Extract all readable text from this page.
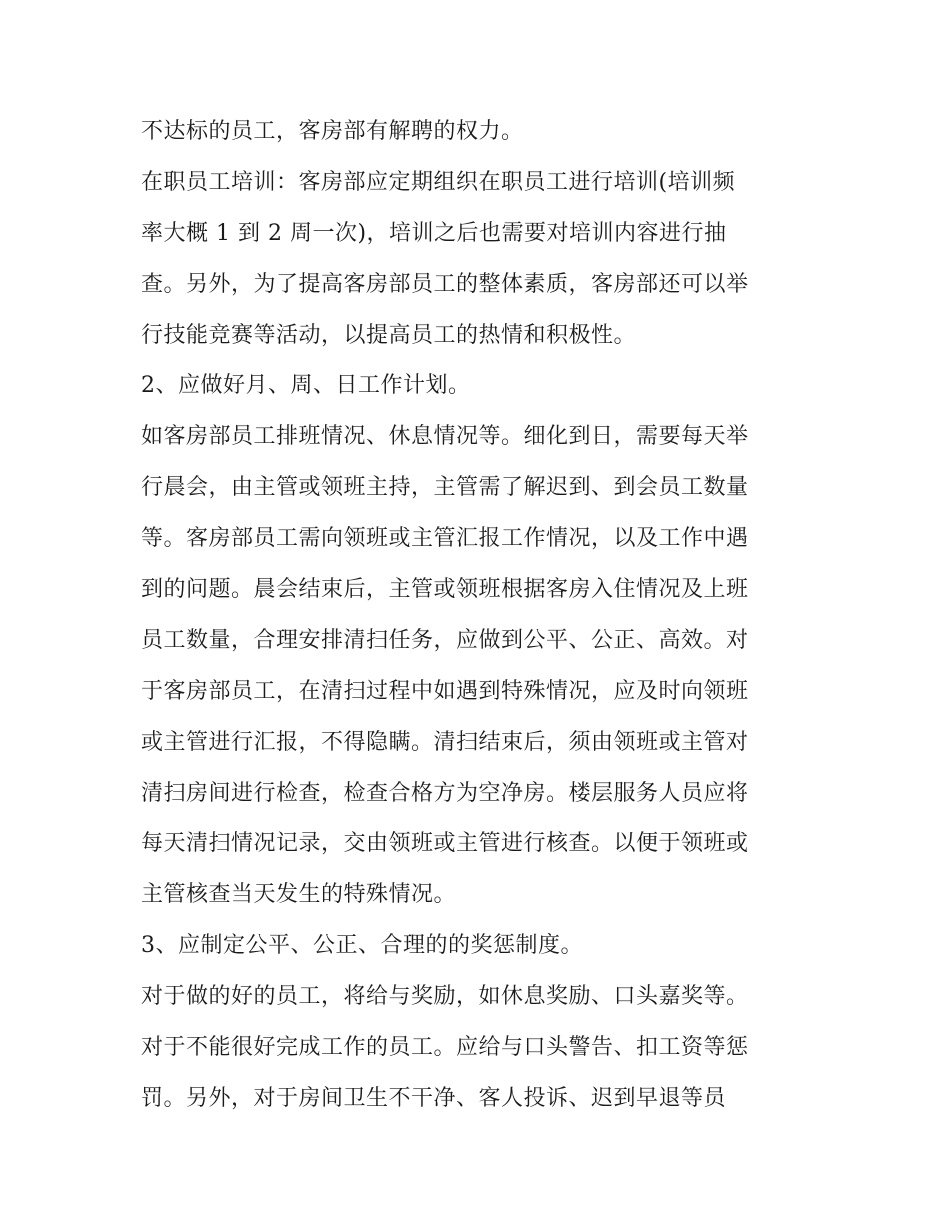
不达标的员工，客房部有解聘的权力。
在职员工培训：客房部应定期组织在职员工进行培训(培训频
率大概 1 到 2 周一次)，培训之后也需要对培训内容进行抽
查。另外，为了提高客房部员工的整体素质，客房部还可以举
行技能竞赛等活动，以提高员工的热情和积极性。
2、应做好月、周、日工作计划。
如客房部员工排班情况、休息情况等。细化到日，需要每天举
行晨会，由主管或领班主持，主管需了解迟到、到会员工数量
等。客房部员工需向领班或主管汇报工作情况，以及工作中遇
到的问题。晨会结束后，主管或领班根据客房入住情况及上班
员工数量，合理安排清扫任务，应做到公平、公正、高效。对
于客房部员工，在清扫过程中如遇到特殊情况，应及时向领班
或主管进行汇报，不得隐瞒。清扫结束后，须由领班或主管对
清扫房间进行检查，检查合格方为空净房。楼层服务人员应将
每天清扫情况记录，交由领班或主管进行核查。以便于领班或
主管核查当天发生的特殊情况。
3、应制定公平、公正、合理的的奖惩制度。
对于做的好的员工，将给与奖励，如休息奖励、口头嘉奖等。
对于不能很好完成工作的员工。应给与口头警告、扣工资等惩
罚。另外，对于房间卫生不干净、客人投诉、迟到早退等员
